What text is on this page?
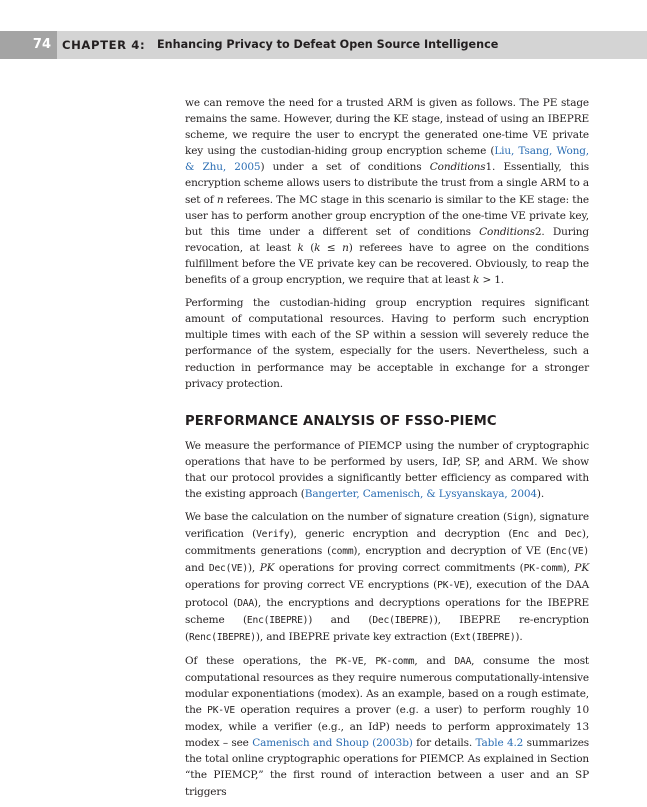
74 CHAPTER 4: Enhancing Privacy to Defeat Open Source Intelligence

we can remove the need for a trusted ARM is given as follows. The PE stage remains the same. However, during the KE stage, instead of using an IBEPRE scheme, we require the user to encrypt the generated one-time VE private key using the custodian-hiding group encryption scheme (Liu, Tsang, Wong, & Zhu, 2005) under a set of conditions Conditions1. Essentially, this encryption scheme allows users to distribute the trust from a single ARM to a set of n referees. The MC stage in this scenario is similar to the KE stage: the user has to perform another group encryption of the one-time VE private key, but this time under a different set of conditions Conditions2. During revocation, at least k (k ≤ n) referees have to agree on the conditions fulfillment before the VE private key can be recovered. Obviously, to reap the benefits of a group encryption, we require that at least k > 1.

Performing the custodian-hiding group encryption requires significant amount of computational resources. Having to perform such encryption multiple times with each of the SP within a session will severely reduce the performance of the system, especially for the users. Nevertheless, such a reduction in performance may be acceptable in exchange for a stronger privacy protection.

PERFORMANCE ANALYSIS OF FSSO-PIEMC

We measure the performance of PIEMCP using the number of cryptographic operations that have to be performed by users, IdP, SP, and ARM. We show that our protocol provides a significantly better efficiency as compared with the existing approach (Bangerter, Camenisch, & Lysyanskaya, 2004).

We base the calculation on the number of signature creation (Sign), signature verification (Verify), generic encryption and decryption (Enc and Dec), commitments generations (comm), encryption and decryption of VE (Enc(VE) and Dec(VE)), PK operations for proving correct commitments (PK-comm), PK operations for proving correct VE encryptions (PK-VE), execution of the DAA protocol (DAA), the encryptions and decryptions operations for the IBEPRE scheme (Enc(IBEPRE)) and (Dec(IBEPRE)), IBEPRE re-encryption (Renc(IBEPRE)), and IBEPRE private key extraction (Ext(IBEPRE)).

Of these operations, the PK-VE, PK-comm, and DAA, consume the most computational resources as they require numerous computationally-intensive modular exponentiations (modex). As an example, based on a rough estimate, the PK-VE operation requires a prover (e.g. a user) to perform roughly 10 modex, while a verifier (e.g., an IdP) needs to perform approximately 13 modex – see Camenisch and Shoup (2003b) for details. Table 4.2 summarizes the total online cryptographic operations for PIEMCP. As explained in Section “the PIEMCP,” the first round of interaction between a user and an SP triggers
